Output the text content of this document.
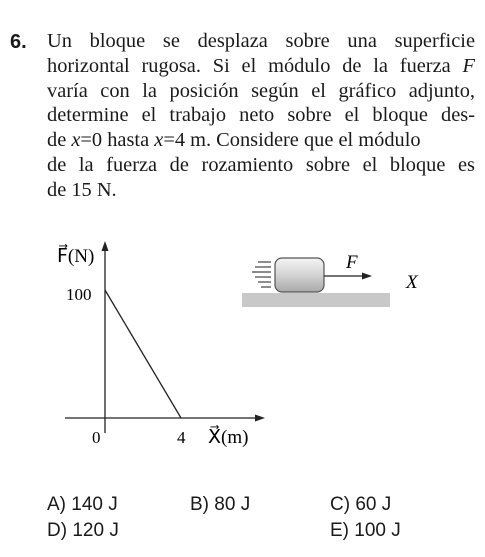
6. Un bloque se desplaza sobre una superficie
horizontal rugosa. Si el módulo de la fuerza F
varía con la posición según el gráfico adjunto,
determine el trabajo neto sobre el bloque des-
de x=0 hasta x=4 m. Considere que el módulo
de la fuerza de rozamiento sobre el bloque es
de 15 N.
F⃗(N)
100
0	4 X⃗(m)
F
X
A) 140 J	B) 80 J	C) 60 J
D) 120 J	E) 100 J
